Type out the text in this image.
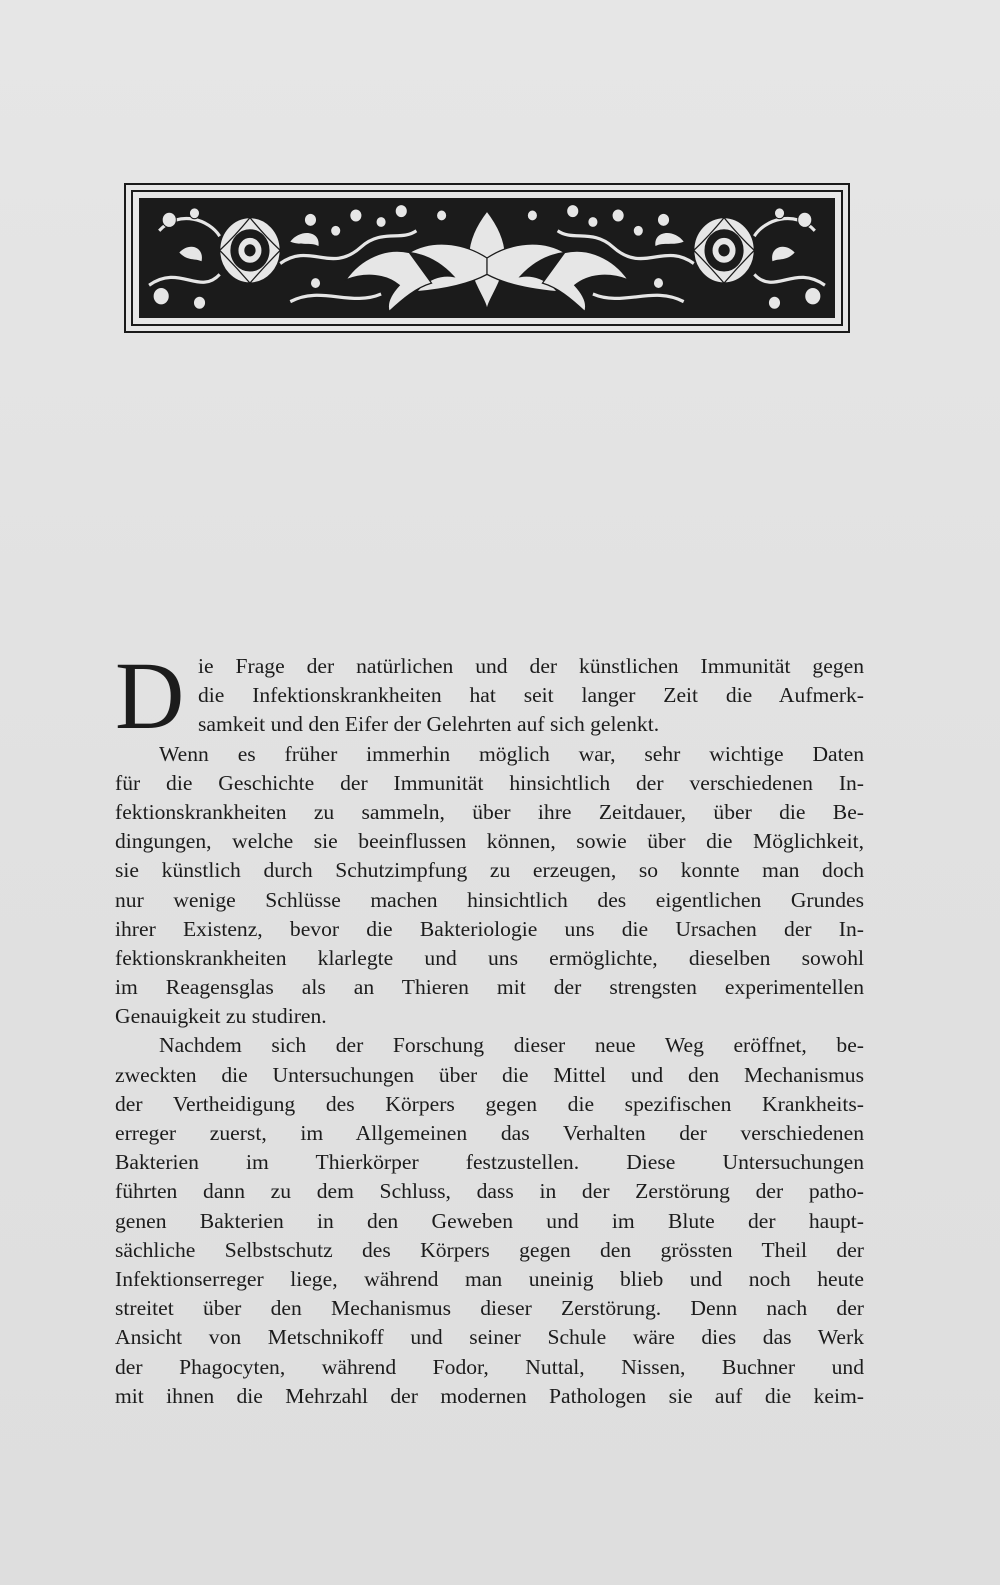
D ie Frage der natürlichen und der künstlichen Immunität gegen
die Infektionskrankheiten hat seit langer Zeit die Aufmerk-
samkeit und den Eifer der Gelehrten auf sich gelenkt.
Wenn es früher immerhin möglich war, sehr wichtige Daten
für die Geschichte der Immunität hinsichtlich der verschiedenen In-
fektionskrankheiten zu sammeln, über ihre Zeitdauer, über die Be-
dingungen, welche sie beeinflussen können, sowie über die Möglichkeit,
sie künstlich durch Schutzimpfung zu erzeugen, so konnte man doch
nur wenige Schlüsse machen hinsichtlich des eigentlichen Grundes
ihrer Existenz, bevor die Bakteriologie uns die Ursachen der In-
fektionskrankheiten klarlegte und uns ermöglichte, dieselben sowohl
im Reagensglas als an Thieren mit der strengsten experimentellen
Genauigkeit zu studiren.
Nachdem sich der Forschung dieser neue Weg eröffnet, be-
zweckten die Untersuchungen über die Mittel und den Mechanismus
der Vertheidigung des Körpers gegen die spezifischen Krankheits-
erreger zuerst, im Allgemeinen das Verhalten der verschiedenen
Bakterien im Thierkörper festzustellen. Diese Untersuchungen
führten dann zu dem Schluss, dass in der Zerstörung der patho-
genen Bakterien in den Geweben und im Blute der haupt-
sächliche Selbstschutz des Körpers gegen den grössten Theil der
Infektionserreger liege, während man uneinig blieb und noch heute
streitet über den Mechanismus dieser Zerstörung. Denn nach der
Ansicht von Metschnikoff und seiner Schule wäre dies das Werk
der Phagocyten, während Fodor, Nuttal, Nissen, Buchner und
mit ihnen die Mehrzahl der modernen Pathologen sie auf die keim-
